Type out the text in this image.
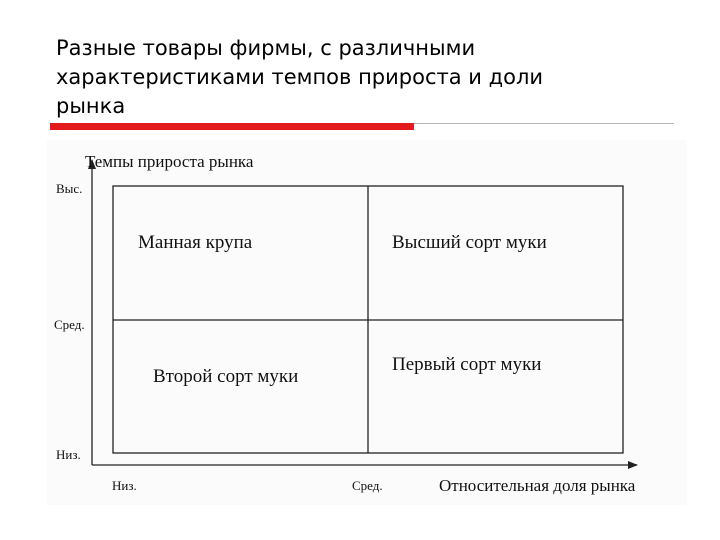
Разные товары фирмы, с различными
характеристиками темпов прироста и доли
рынка
Темпы прироста рынка
Относительная доля рынка
Выс.
Сред.
Низ.
Низ.	Сред.
Манная крупа	Высший сорт муки
Второй сорт муки
Первый сорт муки
